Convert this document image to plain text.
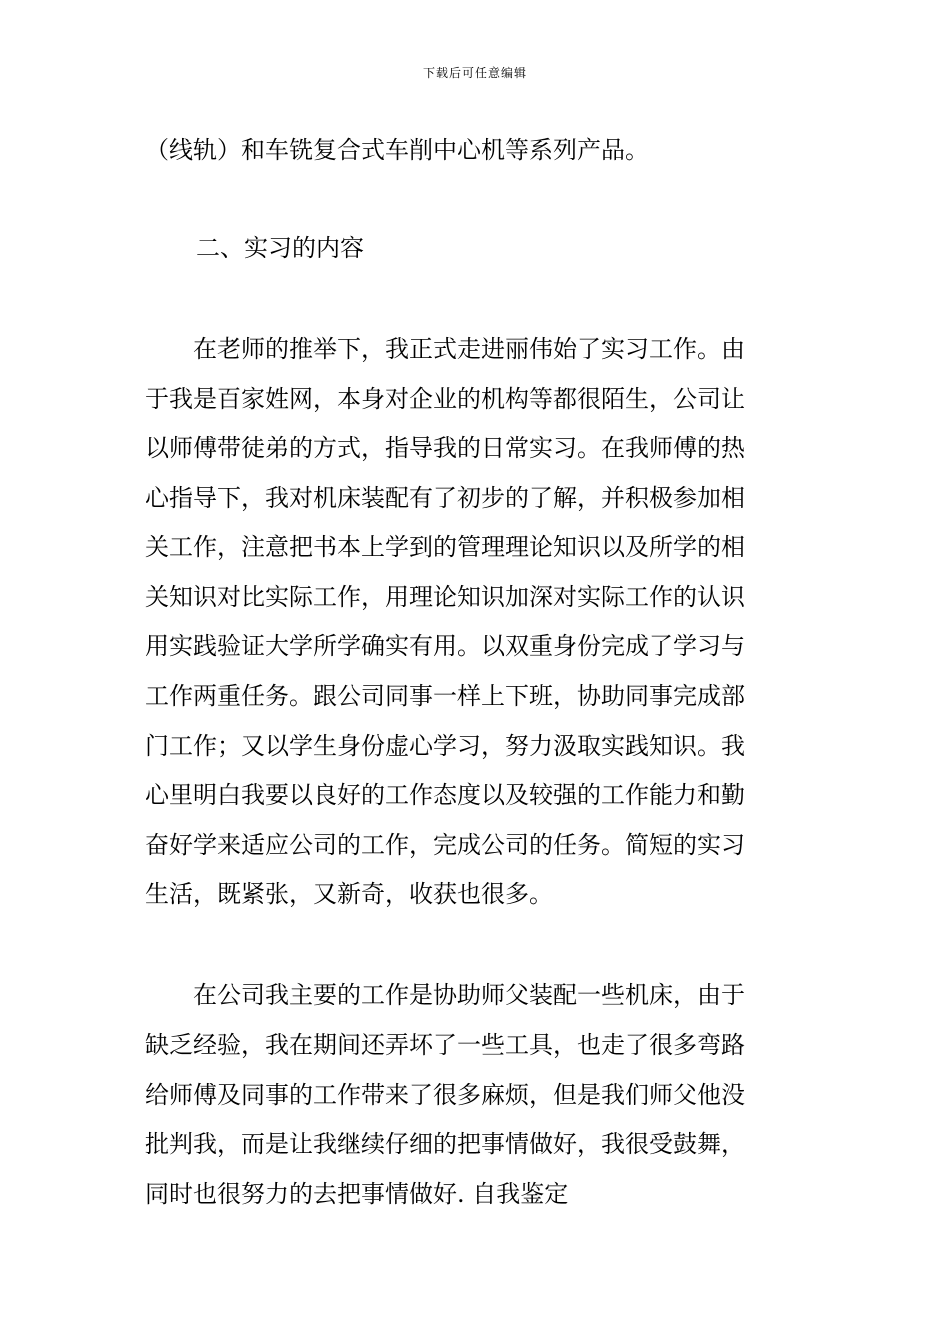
下载后可任意编辑
（线轨）和车铣复合式车削中心机等系列产品。
二、实习的内容
　　在老师的推举下，我正式走进丽伟始了实习工作。由
于我是百家姓网，本身对企业的机构等都很陌生，公司让
以师傅带徒弟的方式，指导我的日常实习。在我师傅的热
心指导下，我对机床装配有了初步的了解，并积极参加相
关工作，注意把书本上学到的管理理论知识以及所学的相
关知识对比实际工作，用理论知识加深对实际工作的认识
用实践验证大学所学确实有用。以双重身份完成了学习与
工作两重任务。跟公司同事一样上下班，协助同事完成部
门工作；又以学生身份虚心学习，努力汲取实践知识。我
心里明白我要以良好的工作态度以及较强的工作能力和勤
奋好学来适应公司的工作，完成公司的任务。简短的实习
生活，既紧张，又新奇，收获也很多。
　　在公司我主要的工作是协助师父装配一些机床，由于
缺乏经验，我在期间还弄坏了一些工具，也走了很多弯路
给师傅及同事的工作带来了很多麻烦，但是我们师父他没
批判我，而是让我继续仔细的把事情做好，我很受鼓舞，
同时也很努力的去把事情做好. 自我鉴定
